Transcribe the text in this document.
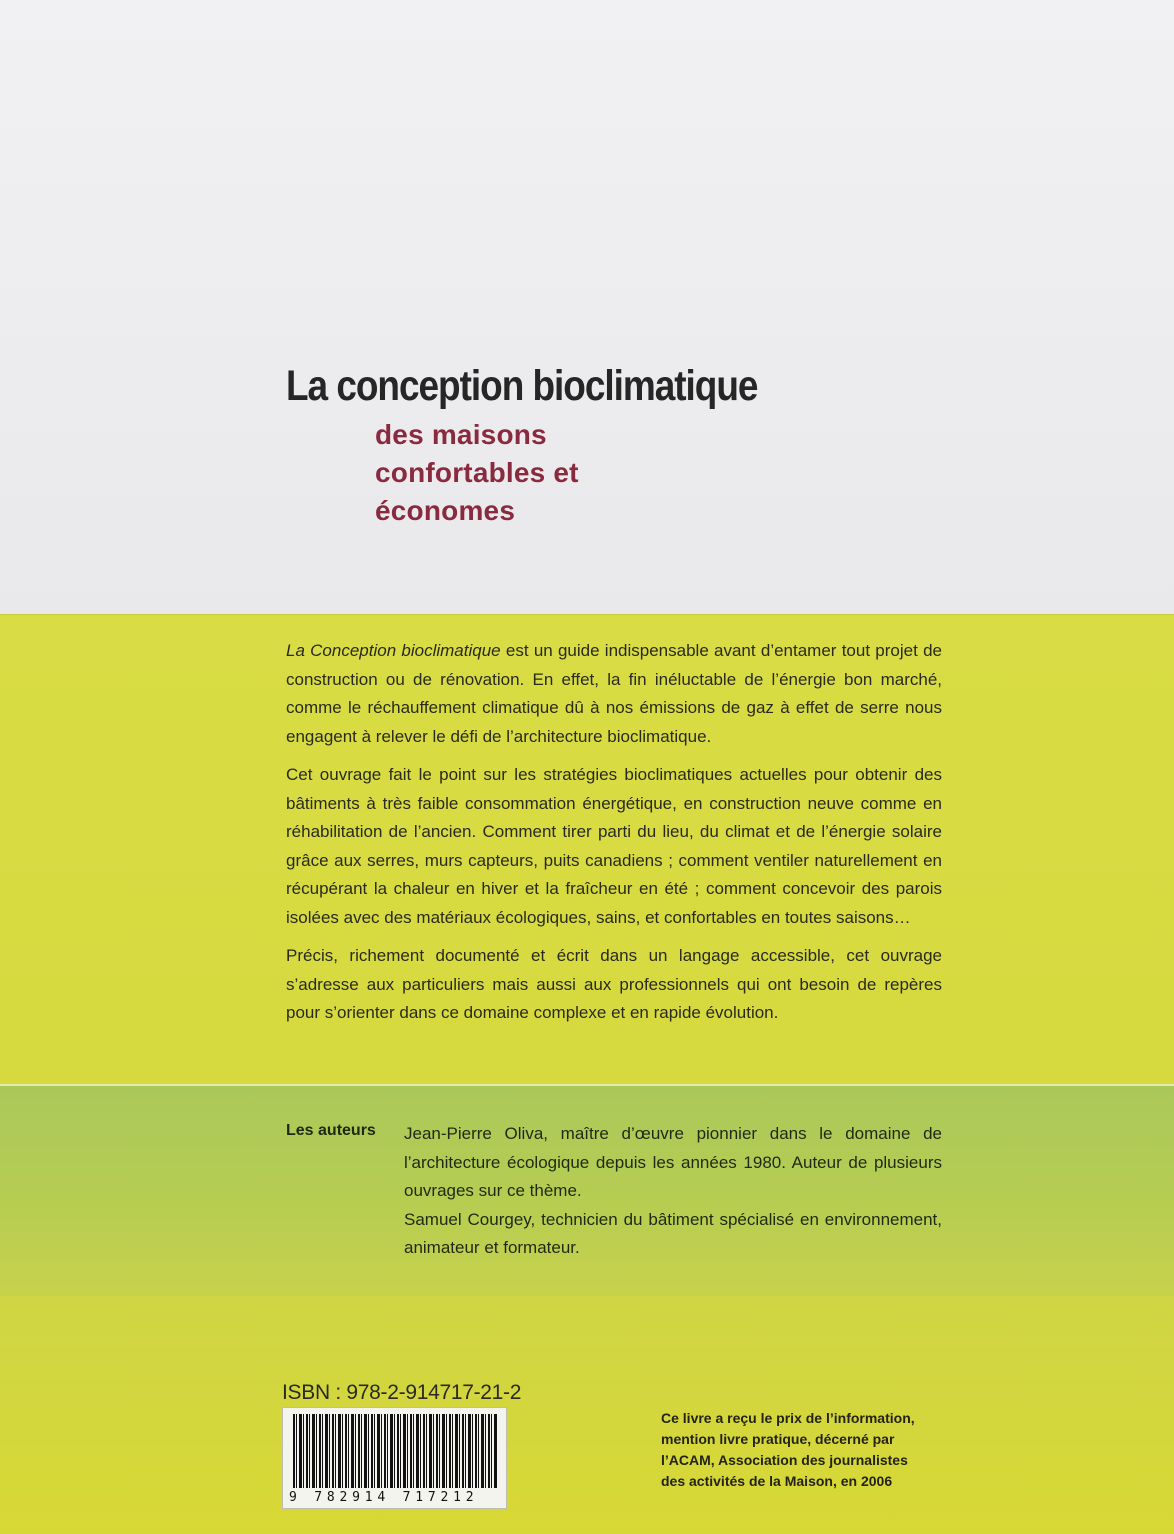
La conception bioclimatique
des maisons
confortables et
économes

La Conception bioclimatique est un guide indispensable avant d’entamer tout projet de construction ou de rénovation. En effet, la fin inéluctable de l’énergie bon marché, comme le réchauffement climatique dû à nos émissions de gaz à effet de serre nous engagent à relever le défi de l’architecture bioclimatique.

Cet ouvrage fait le point sur les stratégies bioclimatiques actuelles pour obtenir des bâtiments à très faible consommation énergétique, en construction neuve comme en réhabilitation de l’ancien. Comment tirer parti du lieu, du climat et de l’énergie solaire grâce aux serres, murs capteurs, puits canadiens ; comment ventiler naturellement en récupérant la chaleur en hiver et la fraîcheur en été ; comment concevoir des parois isolées avec des matériaux écologiques, sains, et confortables en toutes saisons…

Précis, richement documenté et écrit dans un langage accessible, cet ouvrage s’adresse aux particuliers mais aussi aux professionnels qui ont besoin de repères pour s’orienter dans ce domaine complexe et en rapide évolution.

Les auteurs Jean-Pierre Oliva, maître d’œuvre pionnier dans le domaine de l’architecture écologique depuis les années 1980. Auteur de plusieurs ouvrages sur ce thème.

Samuel Courgey, technicien du bâtiment spécialisé en environnement, animateur et formateur.

ISBN : 978-2-914717-21-2
9 782914 717212
Ce livre a reçu le prix de l’information,
mention livre pratique, décerné par
l’ACAM, Association des journalistes
des activités de la Maison, en 2006
